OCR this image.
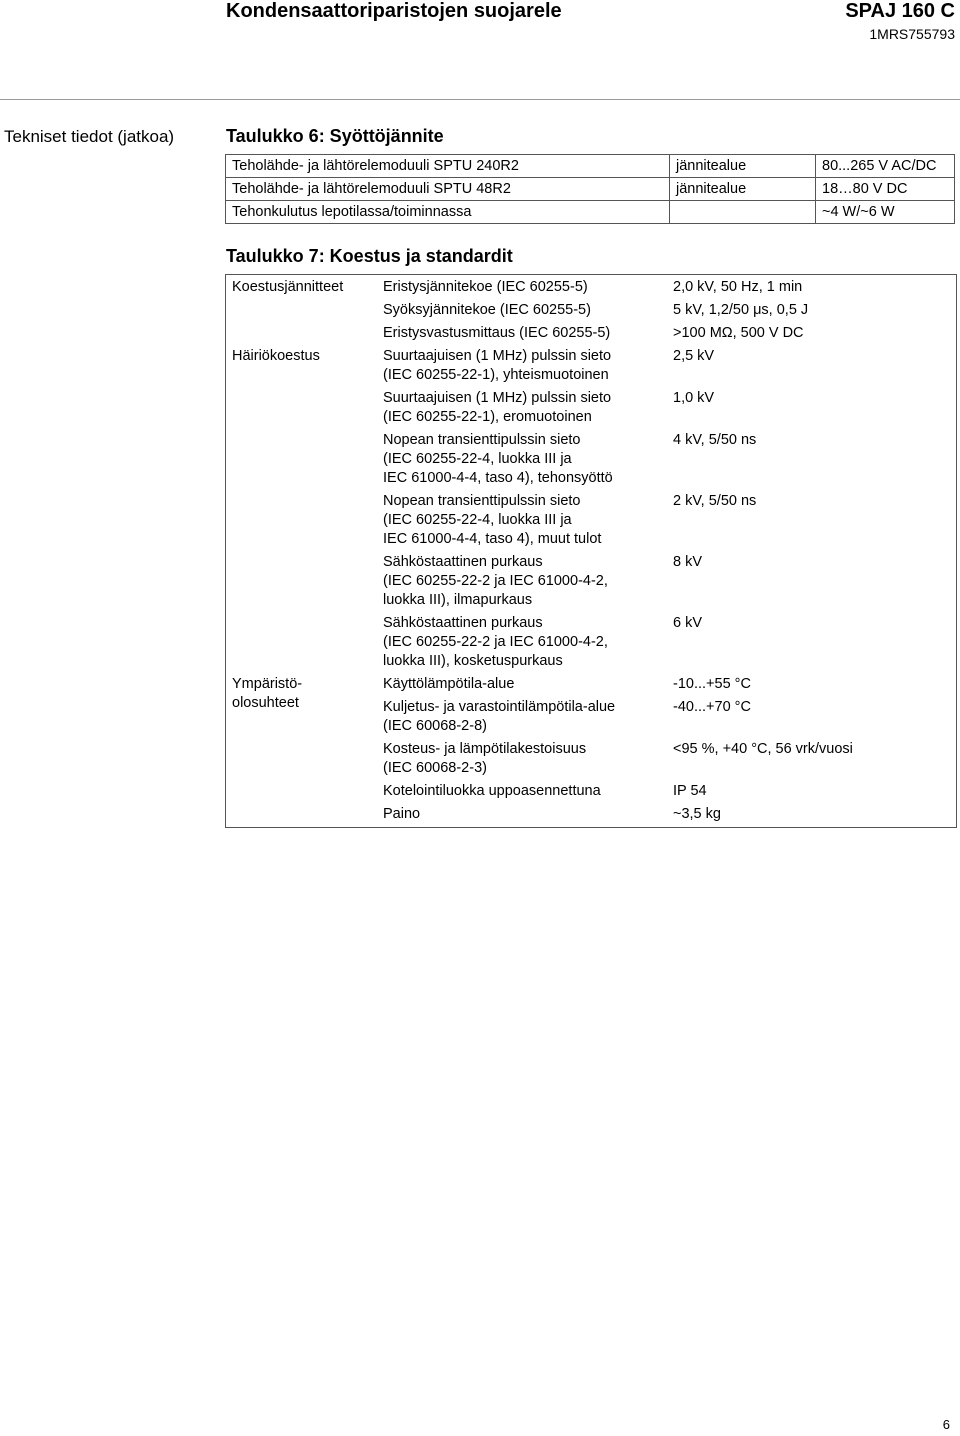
Kondensaattoriparistojen suojarele	SPAJ 160 C
1MRS755793
Tekniset tiedot (jatkoa)	Taulukko 6: Syöttöjännite
Teholähde- ja lähtörelemoduuli SPTU 240R2	jännitealue	80...265 V AC/DC
Teholähde- ja lähtörelemoduuli SPTU 48R2	jännitealue	18…80 V DC
Tehonkulutus lepotilassa/toiminnassa		~4 W/~6 W
Taulukko 7: Koestus ja standardit
Koestusjännitteet	Eristysjännitekoe (IEC 60255-5)	2,0 kV, 50 Hz, 1 min
	Syöksyjännitekoe (IEC 60255-5)	5 kV, 1,2/50 μs, 0,5 J
	Eristysvastusmittaus (IEC 60255-5)	>100 MΩ, 500 V DC
Häiriökoestus	Suurtaajuisen (1 MHz) pulssin sieto
(IEC 60255-22-1), yhteismuotoinen	2,5 kV
	Suurtaajuisen (1 MHz) pulssin sieto
(IEC 60255-22-1), eromuotoinen	1,0 kV
	Nopean transienttipulssin sieto
(IEC 60255-22-4, luokka III ja
IEC 61000-4-4, taso 4), tehonsyöttö	4 kV, 5/50 ns
	Nopean transienttipulssin sieto
(IEC 60255-22-4, luokka III ja
IEC 61000-4-4, taso 4), muut tulot	2 kV, 5/50 ns
	Sähköstaattinen purkaus
(IEC 60255-22-2 ja IEC 61000-4-2,
luokka III), ilmapurkaus	8 kV
	Sähköstaattinen purkaus
(IEC 60255-22-2 ja IEC 61000-4-2,
luokka III), kosketuspurkaus	6 kV
Ympäristö-
olosuhteet	Käyttölämpötila-alue	-10...+55 °C
	Kuljetus- ja varastointilämpötila-alue
(IEC 60068-2-8)	-40...+70 °C
	Kosteus- ja lämpötilakestoisuus
(IEC 60068-2-3)	<95 %, +40 °C, 56 vrk/vuosi
	Kotelointiluokka uppoasennettuna	IP 54
	Paino	~3,5 kg
6
